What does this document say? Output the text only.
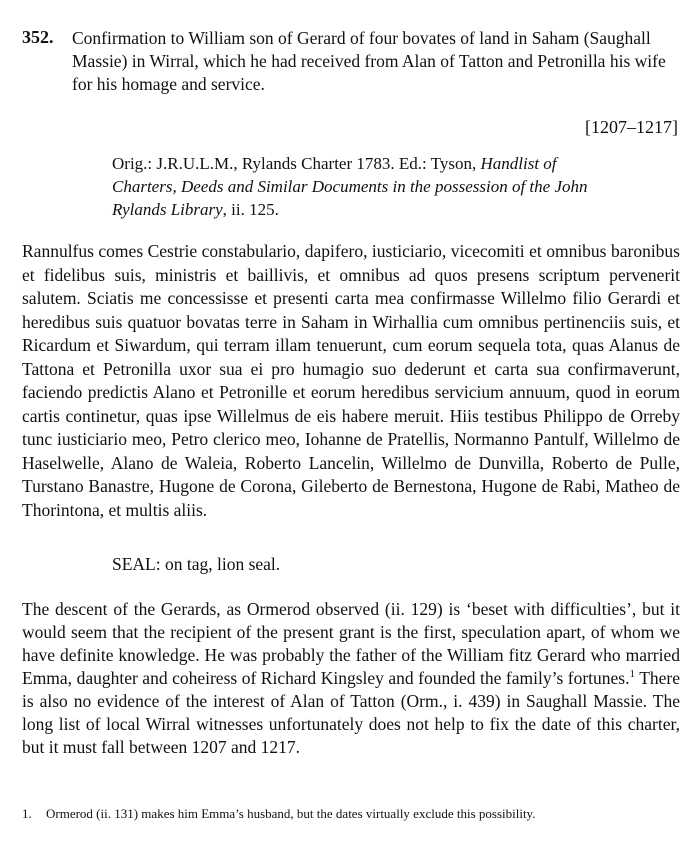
352. Confirmation to William son of Gerard of four bovates of land in Saham (Saughall Massie) in Wirral, which he had received from Alan of Tatton and Petronilla his wife for his homage and service.
[1207–1217]
Orig.: J.R.U.L.M., Rylands Charter 1783. Ed.: Tyson, Handlist of Charters, Deeds and Similar Documents in the possession of the John Rylands Library, ii. 125.
Rannulfus comes Cestrie constabulario, dapifero, iusticiario, vicecomiti et omnibus baronibus et fidelibus suis, ministris et baillivis, et omnibus ad quos presens scriptum pervenerit salutem. Sciatis me concessisse et presenti carta mea confirmasse Willelmo filio Gerardi et heredibus suis quatuor bovatas terre in Saham in Wirhallia cum omnibus pertinenciis suis, et Ricardum et Siwardum, qui terram illam tenuerunt, cum eorum sequela tota, quas Alanus de Tattona et Petronilla uxor sua ei pro humagio suo dederunt et carta sua confirmaverunt, faciendo predictis Alano et Petronille et eorum heredibus servicium annuum, quod in eorum cartis continetur, quas ipse Willelmus de eis habere meruit. Hiis testibus Philippo de Orreby tunc iusticiario meo, Petro clerico meo, Iohanne de Pratellis, Normanno Pantulf, Willelmo de Haselwelle, Alano de Waleia, Roberto Lancelin, Willelmo de Dunvilla, Roberto de Pulle, Turstano Banastre, Hugone de Corona, Gileberto de Bernestona, Hugone de Rabi, Matheo de Thorintona, et multis aliis.
SEAL: on tag, lion seal.
The descent of the Gerards, as Ormerod observed (ii. 129) is ‘beset with difficulties’, but it would seem that the recipient of the present grant is the first, speculation apart, of whom we have definite knowledge. He was probably the father of the William fitz Gerard who married Emma, daughter and coheiress of Richard Kingsley and founded the family’s fortunes.$^1$ There is also no evidence of the interest of Alan of Tatton (Orm., i. 439) in Saughall Massie. The long list of local Wirral witnesses unfortunately does not help to fix the date of this charter, but it must fall between 1207 and 1217.
1. Ormerod (ii. 131) makes him Emma’s husband, but the dates virtually exclude this possibility.
